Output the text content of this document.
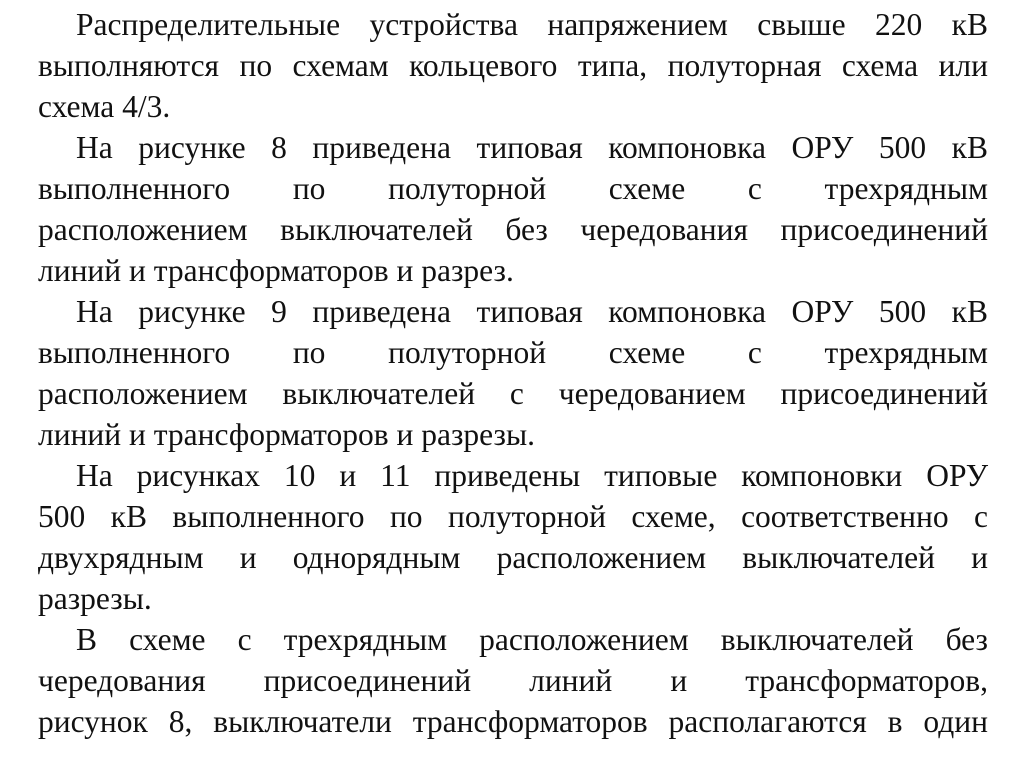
Распределительные устройства напряжением свыше 220 кВ
выполняются по схемам кольцевого типа, полуторная схема или
схема 4/3.
На рисунке 8 приведена типовая компоновка ОРУ 500 кВ
выполненного по полуторной схеме с трехрядным
расположением выключателей без чередования присоединений
линий и трансформаторов и разрез.
На рисунке 9 приведена типовая компоновка ОРУ 500 кВ
выполненного по полуторной схеме с трехрядным
расположением выключателей с чередованием присоединений
линий и трансформаторов и разрезы.
На рисунках 10 и 11 приведены типовые компоновки ОРУ
500 кВ выполненного по полуторной схеме, соответственно с
двухрядным и однорядным расположением выключателей и
разрезы.
В схеме с трехрядным расположением выключателей без
чередования присоединений линий и трансформаторов,
рисунок 8, выключатели трансформаторов располагаются в один
